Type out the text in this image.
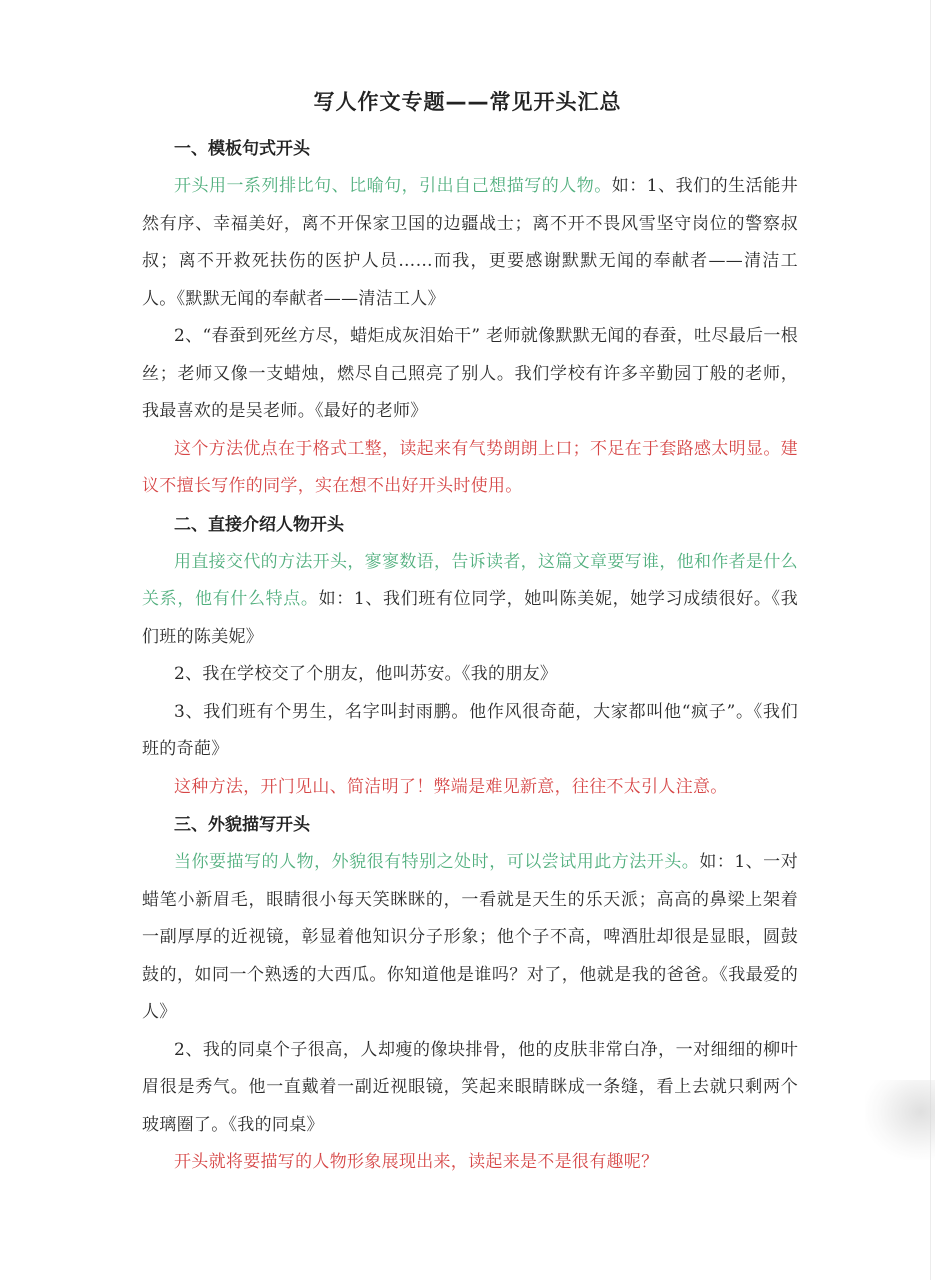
写人作文专题——常见开头汇总
一、模板句式开头
开头用一系列排比句、比喻句，引出自己想描写的人物。如：1、我们的生活能井然有序、幸福美好，离不开保家卫国的边疆战士；离不开不畏风雪坚守岗位的警察叔叔；离不开救死扶伤的医护人员……而我，更要感谢默默无闻的奉献者——清洁工人。《默默无闻的奉献者——清洁工人》
2、“春蚕到死丝方尽，蜡炬成灰泪始干” 老师就像默默无闻的春蚕，吐尽最后一根丝；老师又像一支蜡烛，燃尽自己照亮了别人。我们学校有许多辛勤园丁般的老师，我最喜欢的是吴老师。《最好的老师》
这个方法优点在于格式工整，读起来有气势朗朗上口；不足在于套路感太明显。建议不擅长写作的同学，实在想不出好开头时使用。
二、直接介绍人物开头
用直接交代的方法开头，寥寥数语，告诉读者，这篇文章要写谁，他和作者是什么关系，他有什么特点。如：1、我们班有位同学，她叫陈美妮，她学习成绩很好。《我们班的陈美妮》
2、我在学校交了个朋友，他叫苏安。《我的朋友》
3、我们班有个男生，名字叫封雨鹏。他作风很奇葩，大家都叫他“疯子”。《我们班的奇葩》
这种方法，开门见山、简洁明了！弊端是难见新意，往往不太引人注意。
三、外貌描写开头
当你要描写的人物，外貌很有特别之处时，可以尝试用此方法开头。如：1、一对蜡笔小新眉毛，眼睛很小每天笑眯眯的，一看就是天生的乐天派；高高的鼻梁上架着一副厚厚的近视镜，彰显着他知识分子形象；他个子不高，啤酒肚却很是显眼，圆鼓鼓的，如同一个熟透的大西瓜。你知道他是谁吗？对了，他就是我的爸爸。《我最爱的人》
2、我的同桌个子很高，人却瘦的像块排骨，他的皮肤非常白净，一对细细的柳叶眉很是秀气。他一直戴着一副近视眼镜，笑起来眼睛眯成一条缝，看上去就只剩两个玻璃圈了。《我的同桌》
开头就将要描写的人物形象展现出来，读起来是不是很有趣呢？
